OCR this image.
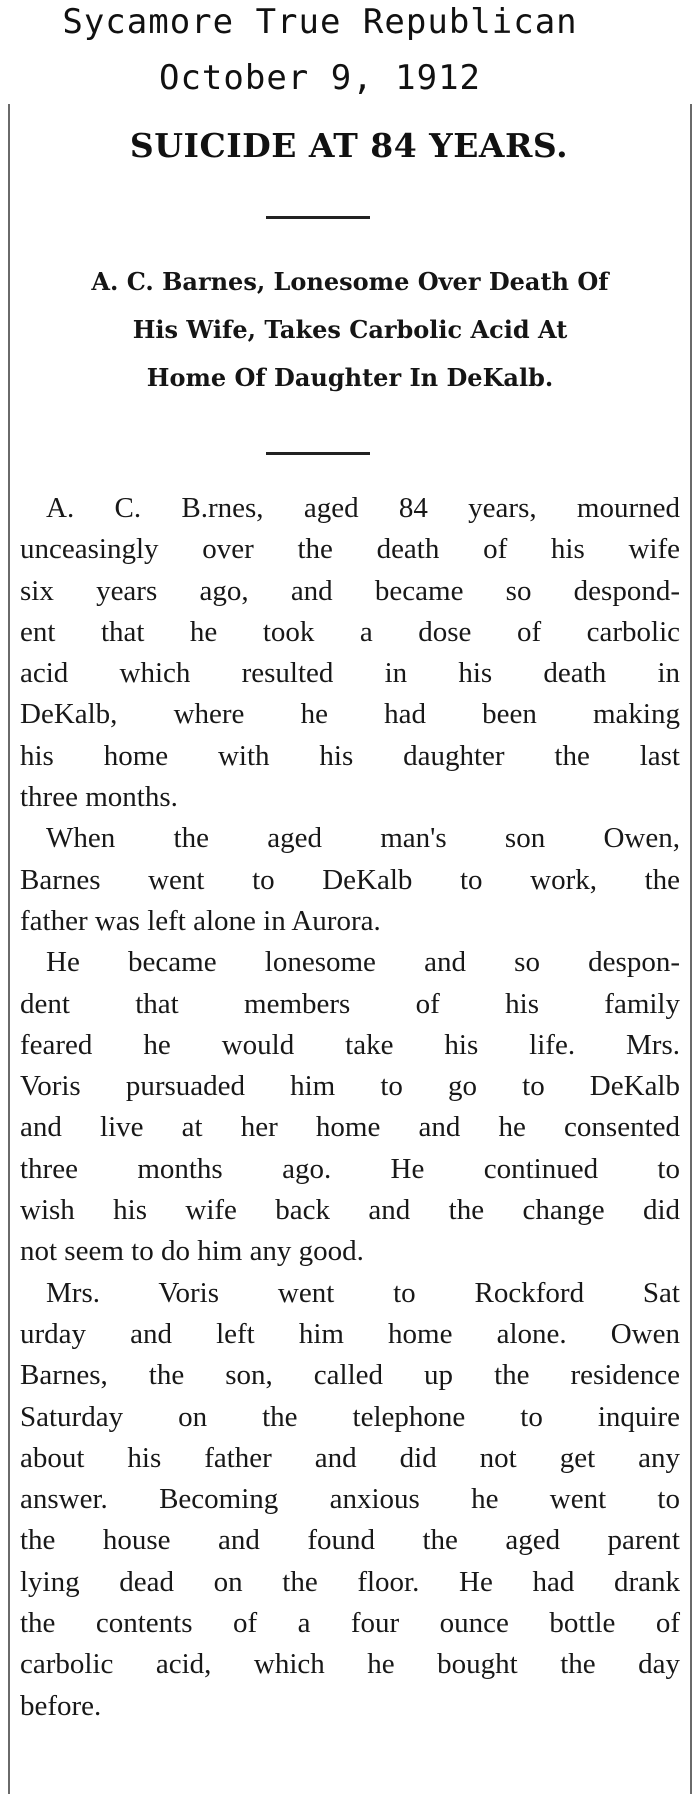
Sycamore True Republican
October 9, 1912
SUICIDE AT 84 YEARS.
A. C. Barnes, Lonesome Over Death Of
His Wife, Takes Carbolic Acid At
Home Of Daughter In DeKalb.
A. C. B.rnes, aged 84 years, mourned
unceasingly over the death of his wife
six years ago, and became so despond-
ent that he took a dose of carbolic
acid which resulted in his death in
DeKalb, where he had been making
his home with his daughter the last
three months.
When the aged man's son Owen,
Barnes went to DeKalb to work, the
father was left alone in Aurora.
He became lonesome and so despon-
dent that members of his family
feared he would take his life. Mrs.
Voris pursuaded him to go to DeKalb
and live at her home and he consented
three months ago. He continued to
wish his wife back and the change did
not seem to do him any good.
Mrs. Voris went to Rockford Sat
urday and left him home alone. Owen
Barnes, the son, called up the residence
Saturday on the telephone to inquire
about his father and did not get any
answer. Becoming anxious he went to
the house and found the aged parent
lying dead on the floor. He had drank
the contents of a four ounce bottle of
carbolic acid, which he bought the day
before.
